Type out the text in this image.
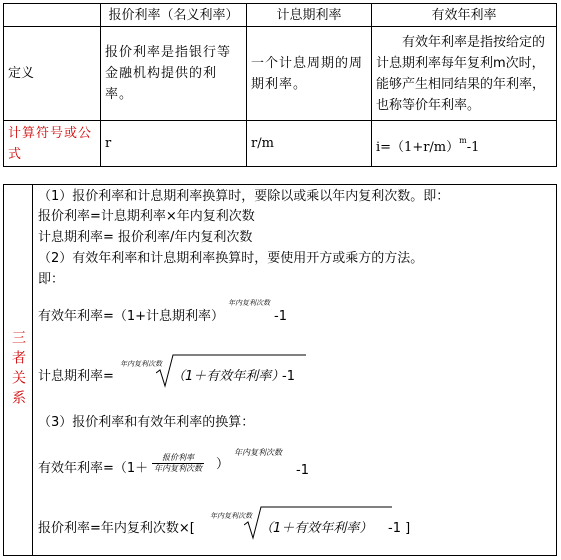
	报价利率（名义利率）	计息期利率	有效年利率
定义	报价利率是指银行等金融机构提供的利率。	一个计息周期的周期利率。	有效年利率是指按给定的计息期利率每年复利m次时，能够产生相同结果的年利率，也称等价年利率。
计算符号或公式	r	r/m	$i=(1+r/m)^m-1$
三者关系
（1）报价利率和计息期利率换算时，要除以或乘以年内复利次数。即：
报价利率=计息期利率×年内复利次数
计息期利率= 报价利率/年内复利次数
（2）有效年利率和计息期利率换算时，要使用开方或乘方的方法。
即：
有效年利率=（1+计息期利率）
年内复利次数
-1
计息期利率=
年内复利次数
（1＋有效年利率）
-1
（3）报价利率和有效年利率的换算：
有效年利率=（1＋
报价利率
年内复利次数 ）
年内复利次数
-1
报价利率=年内复利次数×[
年内复利次数
（1＋有效年利率） -1 ]
